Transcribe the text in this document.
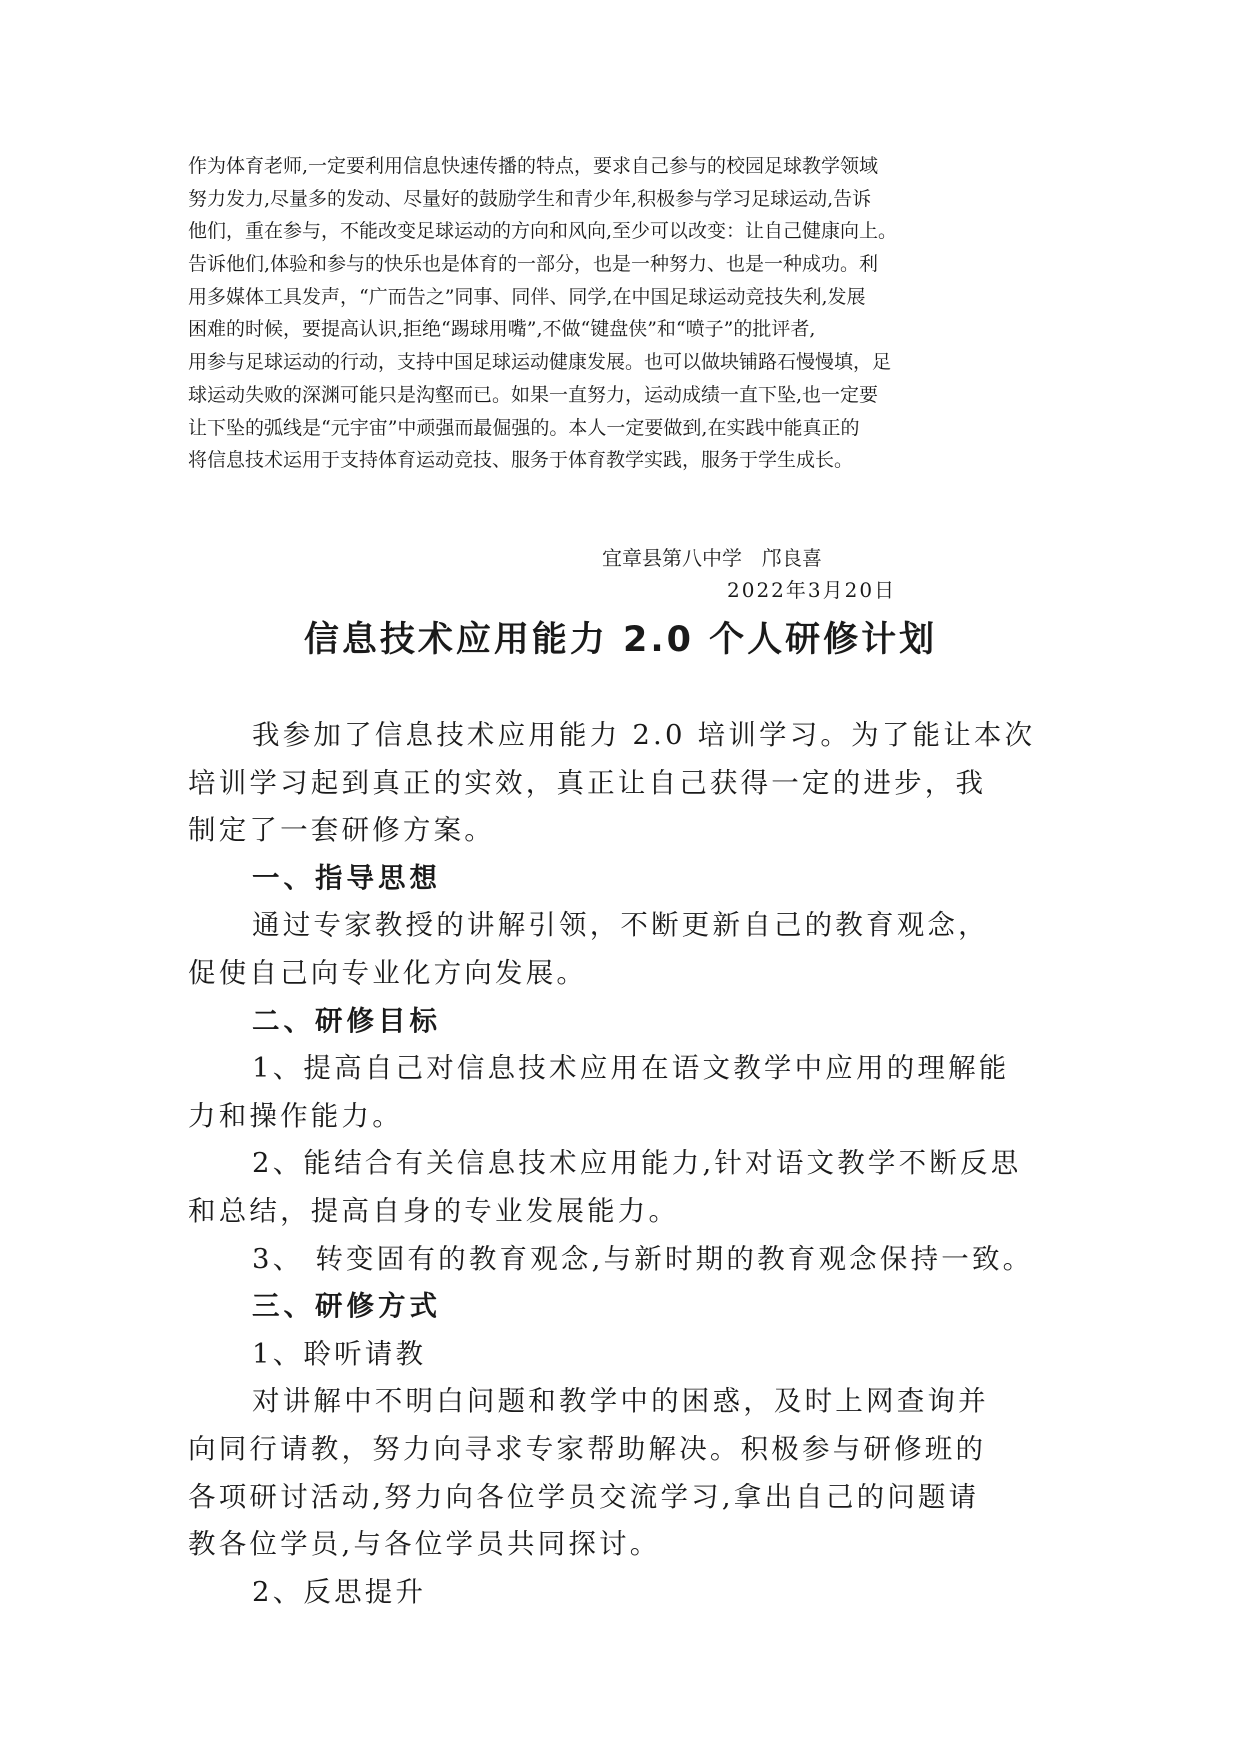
作为体育老师,一定要利用信息快速传播的特点，要求自己参与的校园足球教学领域
努力发力,尽量多的发动、尽量好的鼓励学生和青少年,积极参与学习足球运动,告诉
他们，重在参与，不能改变足球运动的方向和风向,至少可以改变：让自己健康向上。
告诉他们,体验和参与的快乐也是体育的一部分，也是一种努力、也是一种成功。利
用多媒体工具发声，“广而告之”同事、同伴、同学,在中国足球运动竞技失利,发展
困难的时候，要提高认识,拒绝“踢球用嘴”,不做“键盘侠”和“喷子”的批评者,
用参与足球运动的行动，支持中国足球运动健康发展。也可以做块铺路石慢慢填，足
球运动失败的深渊可能只是沟壑而已。如果一直努力，运动成绩一直下坠,也一定要
让下坠的弧线是“元宇宙”中顽强而最倔强的。本人一定要做到,在实践中能真正的
将信息技术运用于支持体育运动竞技、服务于体育教学实践，服务于学生成长。
宜章县第八中学　邝良喜
2022年3月20日
信息技术应用能力 2.0 个人研修计划
我参加了信息技术应用能力 2.0 培训学习。为了能让本次
培训学习起到真正的实效，真正让自己获得一定的进步，我
制定了一套研修方案。
一、指导思想
通过专家教授的讲解引领，不断更新自己的教育观念，
促使自己向专业化方向发展。
二、研修目标
1、提高自己对信息技术应用在语文教学中应用的理解能
力和操作能力。
2、能结合有关信息技术应用能力,针对语文教学不断反思
和总结，提高自身的专业发展能力。
3、 转变固有的教育观念,与新时期的教育观念保持一致。
三、研修方式
1、聆听请教
对讲解中不明白问题和教学中的困惑，及时上网查询并
向同行请教，努力向寻求专家帮助解决。积极参与研修班的
各项研讨活动,努力向各位学员交流学习,拿出自己的问题请
教各位学员,与各位学员共同探讨。
2、反思提升
